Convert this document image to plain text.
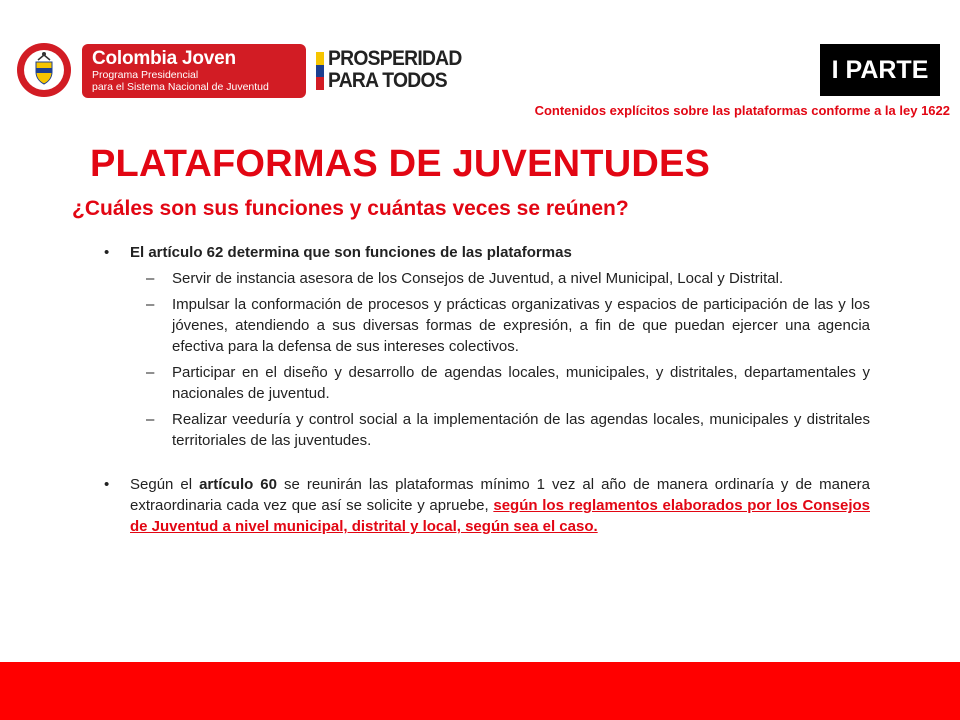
Colombia Joven
Programa Presidencial
para el Sistema Nacional de Juventud
PROSPERIDAD
PARA TODOS	I PARTE
Contenidos explícitos sobre las plataformas conforme a la ley 1622
PLATAFORMAS DE JUVENTUDES
¿Cuáles son sus funciones y cuántas veces se reúnen?
•	El artículo 62 determina que son funciones de las plataformas
–	Servir de instancia asesora de los Consejos de Juventud, a nivel Municipal, Local y Distrital.
–	Impulsar la conformación de procesos y prácticas organizativas y espacios de participación de las y los jóvenes, atendiendo a sus diversas formas de expresión, a fin de que puedan ejercer una agencia efectiva para la defensa de sus intereses colectivos.
–	Participar en el diseño y desarrollo de agendas locales, municipales, y distritales, departamentales y nacionales de juventud.
–	Realizar veeduría y control social a la implementación de las agendas locales, municipales y distritales territoriales de las juventudes.
•	Según el artículo 60 se reunirán las plataformas mínimo 1 vez al año de manera ordinaría y de manera extraordinaria cada vez que así se solicite y apruebe, según los reglamentos elaborados por los Consejos de Juventud a nivel municipal, distrital y local, según sea el caso.
